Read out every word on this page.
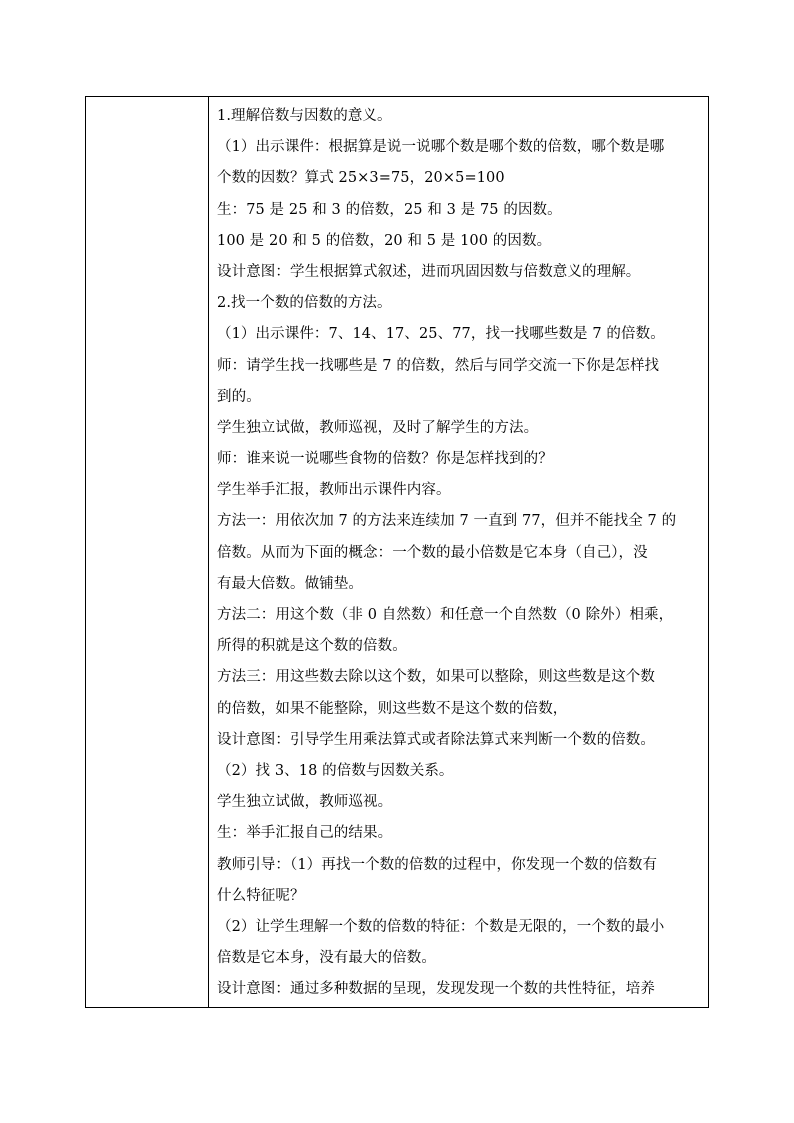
1.理解倍数与因数的意义。
（1）出示课件：根据算是说一说哪个数是哪个数的倍数，哪个数是哪
个数的因数？算式 25×3=75，20×5=100
生：75 是 25 和 3 的倍数，25 和 3 是 75 的因数。
100 是 20 和 5 的倍数，20 和 5 是 100 的因数。
设计意图：学生根据算式叙述，进而巩固因数与倍数意义的理解。
2.找一个数的倍数的方法。
（1）出示课件：7、14、17、25、77，找一找哪些数是 7 的倍数。
师：请学生找一找哪些是 7 的倍数，然后与同学交流一下你是怎样找
到的。
学生独立试做，教师巡视，及时了解学生的方法。
师：谁来说一说哪些食物的倍数？你是怎样找到的？
学生举手汇报，教师出示课件内容。
方法一：用依次加 7 的方法来连续加 7 一直到 77，但并不能找全 7 的
倍数。从而为下面的概念：一个数的最小倍数是它本身（自己），没
有最大倍数。做铺垫。
方法二：用这个数（非 0 自然数）和任意一个自然数（0 除外）相乘，
所得的积就是这个数的倍数。
方法三：用这些数去除以这个数，如果可以整除，则这些数是这个数
的倍数，如果不能整除，则这些数不是这个数的倍数，
设计意图：引导学生用乘法算式或者除法算式来判断一个数的倍数。
（2）找 3、18 的倍数与因数关系。
学生独立试做，教师巡视。
生：举手汇报自己的结果。
教师引导：（1）再找一个数的倍数的过程中，你发现一个数的倍数有
什么特征呢？
（2）让学生理解一个数的倍数的特征：个数是无限的，一个数的最小
倍数是它本身，没有最大的倍数。
设计意图：通过多种数据的呈现，发现发现一个数的共性特征，培养
